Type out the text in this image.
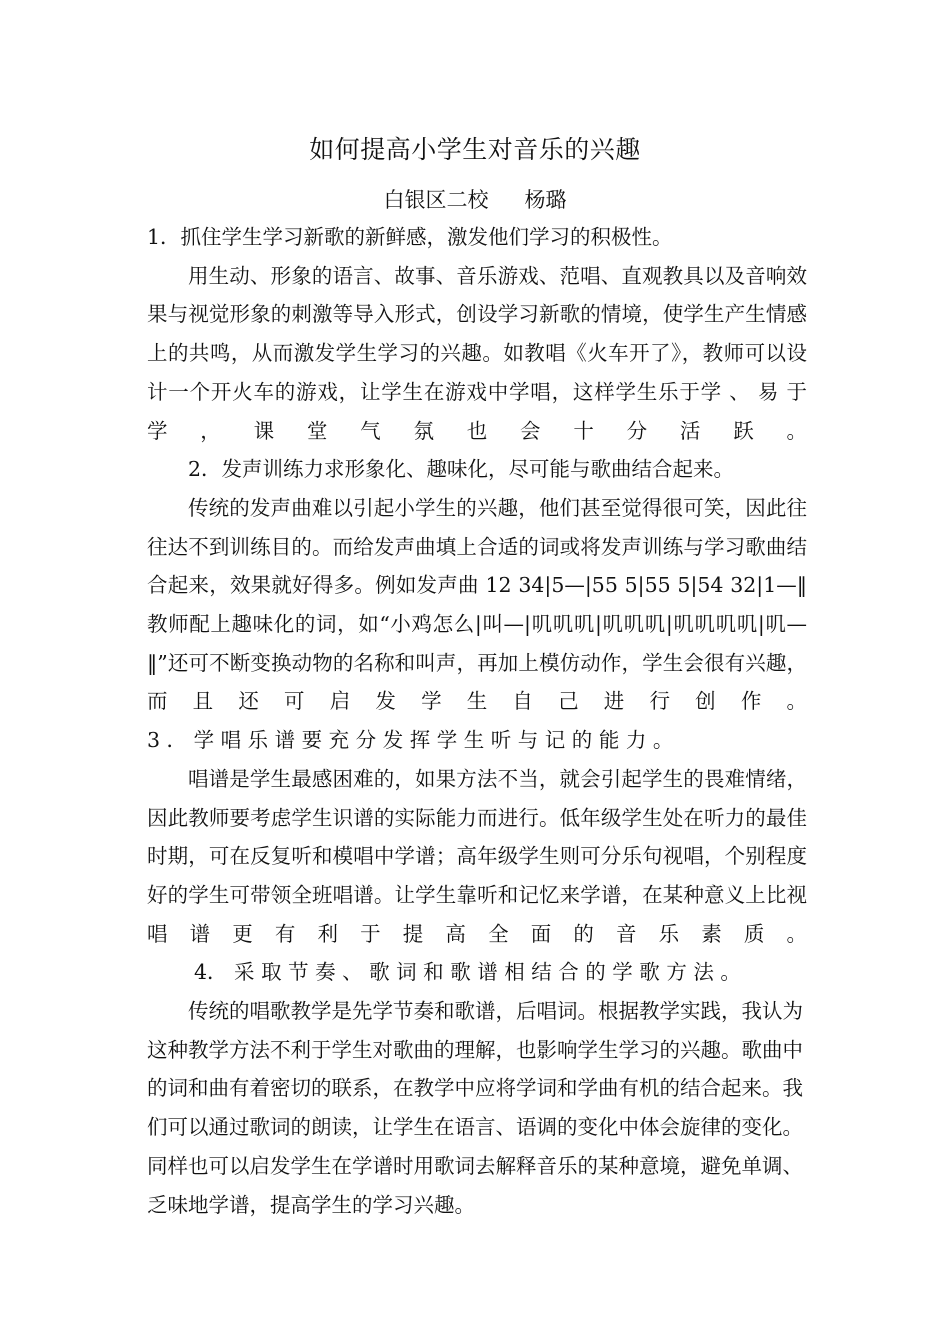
如何提高小学生对音乐的兴趣
白银区二校 杨璐

1．抓住学生学习新歌的新鲜感，激发他们学习的积极性。

用生动、形象的语言、故事、音乐游戏、范唱、直观教具以及音响效果与视觉形象的刺激等导入形式，创设学习新歌的情境，使学生产生情感上的共鸣，从而激发学生学习的兴趣。如教唱《火车开了》，教师可以设计一个开火车的游戏，让学生在游戏中学唱，这样学生乐于学 、 易 于 学 ， 课 堂 气 氛 也 会 十 分 活 跃 。

2．发声训练力求形象化、趣味化，尽可能与歌曲结合起来。

传统的发声曲难以引起小学生的兴趣，他们甚至觉得很可笑，因此往往达不到训练目的。而给发声曲填上合适的词或将发声训练与学习歌曲结合起来，效果就好得多。例如发声曲 12 34|5—|55 5|55 5|54 32|1—‖教师配上趣味化的词，如“小鸡怎么|叫—|叽叽叽|叽叽叽|叽叽叽叽|叽—‖”还可不断变换动物的名称和叫声，再加上模仿动作，学生会很有兴趣，而且还可启发学生自己进行创作。

3 ． 学 唱 乐 谱 要 充 分 发 挥 学 生 听 与 记 的 能 力 。

唱谱是学生最感困难的，如果方法不当，就会引起学生的畏难情绪，因此教师要考虑学生识谱的实际能力而进行。低年级学生处在听力的最佳时期，可在反复听和模唱中学谱；高年级学生则可分乐句视唱，个别程度好的学生可带领全班唱谱。让学生靠听和记忆来学谱，在某种意义上比视唱谱更有利于提高全面的音乐素质。

4． 采 取 节 奏 、 歌 词 和 歌 谱 相 结 合 的 学 歌 方 法 。

传统的唱歌教学是先学节奏和歌谱，后唱词。根据教学实践，我认为这种教学方法不利于学生对歌曲的理解，也影响学生学习的兴趣。歌曲中的词和曲有着密切的联系，在教学中应将学词和学曲有机的结合起来。我们可以通过歌词的朗读，让学生在语言、语调的变化中体会旋律的变化。同样也可以启发学生在学谱时用歌词去解释音乐的某种意境，避免单调、乏味地学谱，提高学生的学习兴趣。
